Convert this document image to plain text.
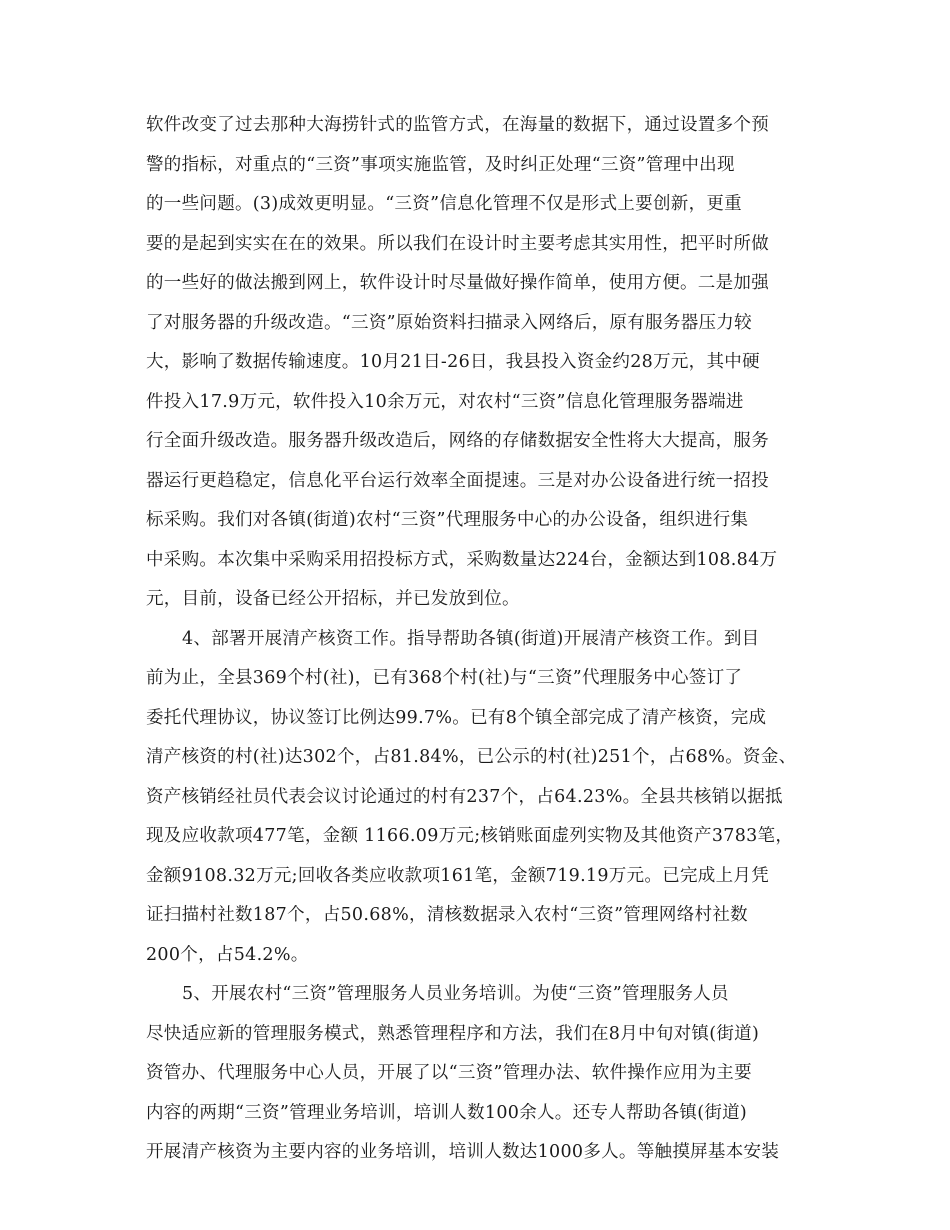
软件改变了过去那种大海捞针式的监管方式，在海量的数据下，通过设置多个预
警的指标，对重点的“三资”事项实施监管，及时纠正处理“三资”管理中出现
的一些问题。(3)成效更明显。“三资”信息化管理不仅是形式上要创新，更重
要的是起到实实在在的效果。所以我们在设计时主要考虑其实用性，把平时所做
的一些好的做法搬到网上，软件设计时尽量做好操作简单，使用方便。二是加强
了对服务器的升级改造。“三资”原始资料扫描录入网络后，原有服务器压力较
大，影响了数据传输速度。10月21日-26日，我县投入资金约28万元，其中硬
件投入17.9万元，软件投入10余万元，对农村“三资”信息化管理服务器端进
行全面升级改造。服务器升级改造后，网络的存储数据安全性将大大提高，服务
器运行更趋稳定，信息化平台运行效率全面提速。三是对办公设备进行统一招投
标采购。我们对各镇(街道)农村“三资”代理服务中心的办公设备，组织进行集
中采购。本次集中采购采用招投标方式，采购数量达224台，金额达到108.84万
元，目前，设备已经公开招标，并已发放到位。
4、部署开展清产核资工作。指导帮助各镇(街道)开展清产核资工作。到目
前为止，全县369个村(社)，已有368个村(社)与“三资”代理服务中心签订了
委托代理协议，协议签订比例达99.7%。已有8个镇全部完成了清产核资，完成
清产核资的村(社)达302个，占81.84%，已公示的村(社)251个，占68%。资金、
资产核销经社员代表会议讨论通过的村有237个，占64.23%。全县共核销以据抵
现及应收款项477笔，金额 1166.09万元;核销账面虚列实物及其他资产3783笔，
金额9108.32万元;回收各类应收款项161笔，金额719.19万元。已完成上月凭
证扫描村社数187个，占50.68%，清核数据录入农村“三资”管理网络村社数
200个，占54.2%。
5、开展农村“三资”管理服务人员业务培训。为使“三资”管理服务人员
尽快适应新的管理服务模式，熟悉管理程序和方法，我们在8月中旬对镇(街道)
资管办、代理服务中心人员，开展了以“三资”管理办法、软件操作应用为主要
内容的两期“三资”管理业务培训，培训人数100余人。还专人帮助各镇(街道)
开展清产核资为主要内容的业务培训，培训人数达1000多人。等触摸屏基本安装
